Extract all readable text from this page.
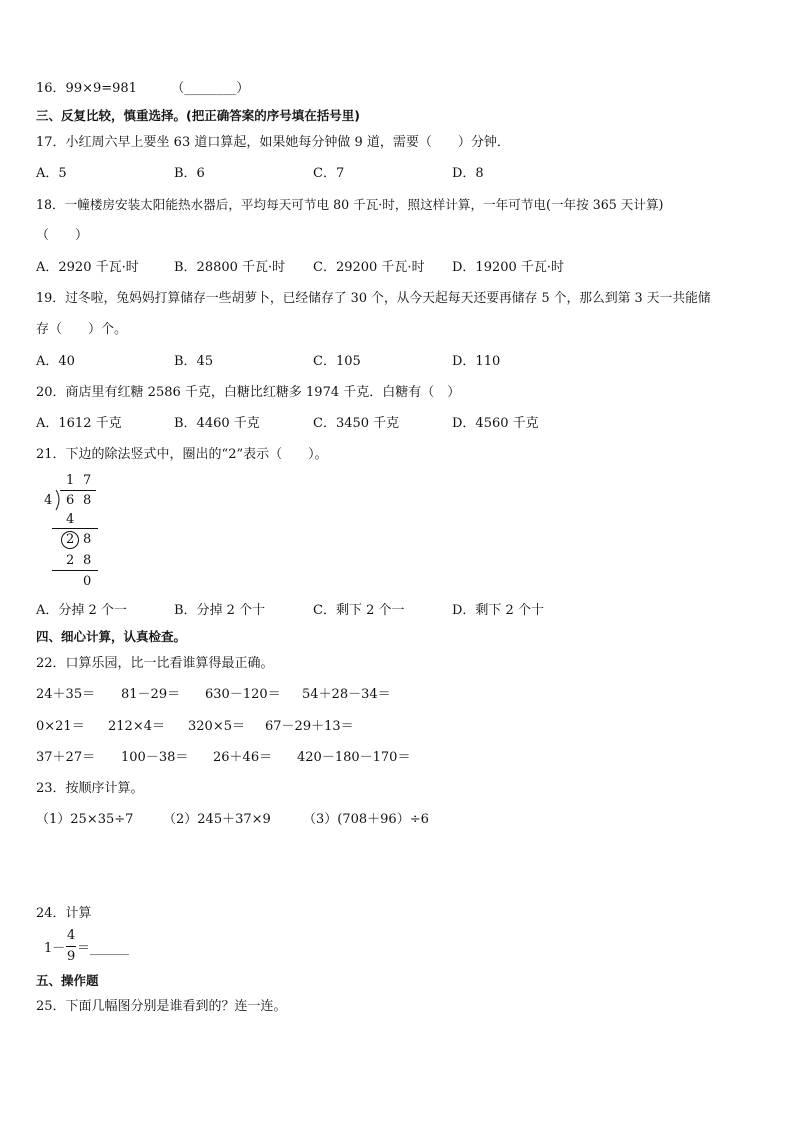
16．99×9=981	（________）
三、反复比较，慎重选择。(把正确答案的序号填在括号里)
17．小红周六早上要坐 63 道口算起，如果她每分钟做 9 道，需要（　　）分钟．
A．5	B．6	C．7	D．8
18．一幢楼房安装太阳能热水器后，平均每天可节电 80 千瓦·时，照这样计算，一年可节电(一年按 365 天计算)
（　　）
A．2920 千瓦·时	B．28800 千瓦·时 C．29200 千瓦·时 D．19200 千瓦·时
19．过冬啦，兔妈妈打算储存一些胡萝卜，已经储存了 30 个，从今天起每天还要再储存 5 个，那么到第 3 天一共能储
存（　　）个。
A．40	B．45	C．105	D．110
20．商店里有红糖 2586 千克，白糖比红糖多 1974 千克．白糖有（　）
A．1612 千克	B．4460 千克	C．3450 千克	D．4560 千克
21．下边的除法竖式中，圈出的“2”表示（　　）。
1 7
4 6 8
4
2 8
2 8
0
A．分掉 2 个一	B．分掉 2 个十	C．剩下 2 个一	D．剩下 2 个十
四、细心计算，认真检查。
22．口算乐园，比一比看谁算得最正确。
24＋35＝ 81－29＝ 630－120＝ 54＋28－34＝
0×21＝ 212×4＝ 320×5＝ 67－29＋13＝
37＋27＝ 100－38＝ 26＋46＝ 420－180－170＝
23．按顺序计算。
（1）25×35÷7 （2）245＋37×9 （3）(708＋96）÷6
24．计算
1－
4
9
＝ ______
五、操作题
25．下面几幅图分别是谁看到的？连一连。
